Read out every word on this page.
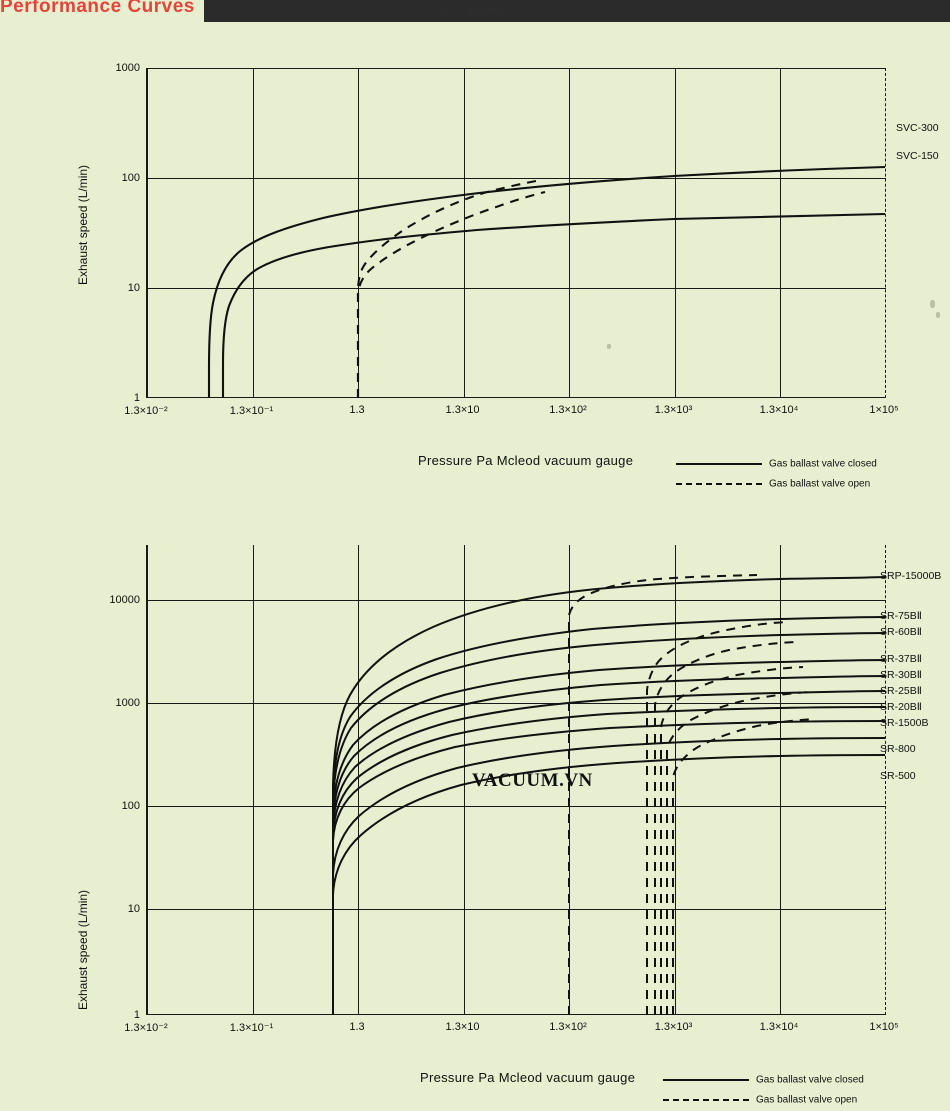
Performance Curves	ポンプ 性能曲線
Exhaust speed (L/min)
1000
100
10
1
1.3×10⁻²	1.3×10⁻¹	1.3	1.3×10	1.3×10²	1.3×10³	1.3×10⁴	1×10⁵
SVC-300
SVC-150
Pressure Pa Mcleod vacuum gauge	Gas ballast valve closed
Gas ballast valve open
Exhaust speed (L/min)
10000
1000
100
10
1
1.3×10⁻²	1.3×10⁻¹	1.3	1.3×10	1.3×10²	1.3×10³	1.3×10⁴	1×10⁵
SRP-15000B
SR-75BⅡ
SR-60BⅡ
SR-37BⅡ
SR-30BⅡ
SR-25BⅡ
SR-20BⅡ
SR-1500B
SR-800
SR-500
VACUUM.VN
Pressure Pa Mcleod vacuum gauge	Gas ballast valve closed
Gas ballast valve open
